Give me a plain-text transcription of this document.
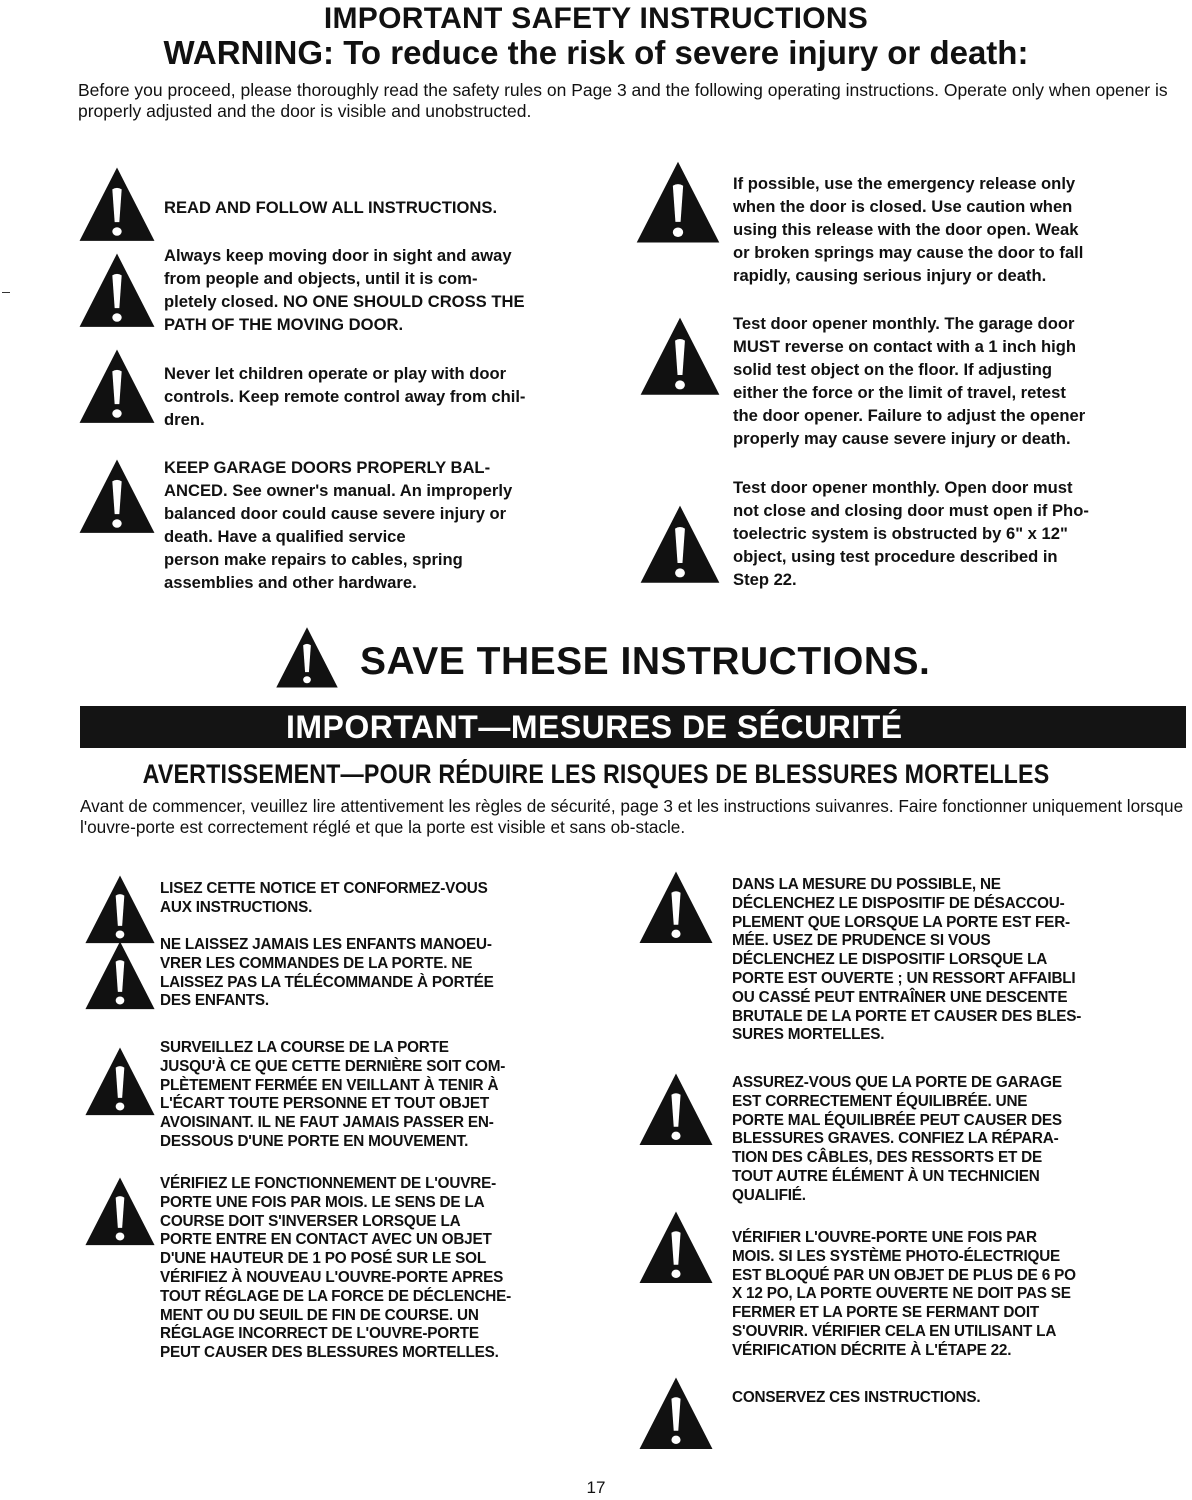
IMPORTANT SAFETY INSTRUCTIONS
WARNING: To reduce the risk of severe injury or death:
Before you proceed, please thoroughly read the safety rules on Page 3 and the following operating instructions. Operate only when opener is properly adjusted and the door is visible and unobstructed.
READ AND FOLLOW ALL INSTRUCTIONS.
Always keep moving door in sight and away
from people and objects, until it is com-
pletely closed. NO ONE SHOULD CROSS THE
PATH OF THE MOVING DOOR.
Never let children operate or play with door
controls. Keep remote control away from chil-
dren.
KEEP GARAGE DOORS PROPERLY BAL-
ANCED. See owner's manual. An improperly
balanced door could cause severe injury or
death. Have a qualified service
person make repairs to cables, spring
assemblies and other hardware.
If possible, use the emergency release only
when the door is closed. Use caution when
using this release with the door open. Weak
or broken springs may cause the door to fall
rapidly, causing serious injury or death.
Test door opener monthly. The garage door
MUST reverse on contact with a 1 inch high
solid test object on the floor. If adjusting
either the force or the limit of travel, retest
the door opener. Failure to adjust the opener
properly may cause severe injury or death.
Test door opener monthly. Open door must
not close and closing door must open if Pho-
toelectric system is obstructed by 6" x 12"
object, using test procedure described in
Step 22.
SAVE THESE INSTRUCTIONS.
IMPORTANT—MESURES DE SÉCURITÉ
AVERTISSEMENT—POUR RÉDUIRE LES RISQUES DE BLESSURES MORTELLES
Avant de commencer, veuillez lire attentivement les règles de sécurité, page 3 et les instructions suivanres. Faire fonctionner uniquement lorsque l'ouvre-porte est correctement réglé et que la porte est visible et sans ob-stacle.
LISEZ CETTE NOTICE ET CONFORMEZ-VOUS
AUX INSTRUCTIONS.
NE LAISSEZ JAMAIS LES ENFANTS MANOEU-
VRER LES COMMANDES DE LA PORTE. NE
LAISSEZ PAS LA TÉLÉCOMMANDE À PORTÉE
DES ENFANTS.
SURVEILLEZ LA COURSE DE LA PORTE
JUSQU'À CE QUE CETTE DERNIÈRE SOIT COM-
PLÈTEMENT FERMÉE EN VEILLANT À TENIR À
L'ÉCART TOUTE PERSONNE ET TOUT OBJET
AVOISINANT. IL NE FAUT JAMAIS PASSER EN-
DESSOUS D'UNE PORTE EN MOUVEMENT.
VÉRIFIEZ LE FONCTIONNEMENT DE L'OUVRE-
PORTE UNE FOIS PAR MOIS. LE SENS DE LA
COURSE DOIT S'INVERSER LORSQUE LA
PORTE ENTRE EN CONTACT AVEC UN OBJET
D'UNE HAUTEUR DE 1 PO POSÉ SUR LE SOL
VÉRIFIEZ À NOUVEAU L'OUVRE-PORTE APRES
TOUT RÉGLAGE DE LA FORCE DE DÉCLENCHE-
MENT OU DU SEUIL DE FIN DE COURSE. UN
RÉGLAGE INCORRECT DE L'OUVRE-PORTE
PEUT CAUSER DES BLESSURES MORTELLES.
DANS LA MESURE DU POSSIBLE, NE
DÉCLENCHEZ LE DISPOSITIF DE DÉSACCOU-
PLEMENT QUE LORSQUE LA PORTE EST FER-
MÉE. USEZ DE PRUDENCE SI VOUS
DÉCLENCHEZ LE DISPOSITIF LORSQUE LA
PORTE EST OUVERTE ; UN RESSORT AFFAIBLI
OU CASSÉ PEUT ENTRAÎNER UNE DESCENTE
BRUTALE DE LA PORTE ET CAUSER DES BLES-
SURES MORTELLES.
ASSUREZ-VOUS QUE LA PORTE DE GARAGE
EST CORRECTEMENT ÉQUILIBRÉE. UNE
PORTE MAL ÉQUILIBRÉE PEUT CAUSER DES
BLESSURES GRAVES. CONFIEZ LA RÉPARA-
TION DES CÂBLES, DES RESSORTS ET DE
TOUT AUTRE ÉLÉMENT À UN TECHNICIEN
QUALIFIÉ.
VÉRIFIER L'OUVRE-PORTE UNE FOIS PAR
MOIS. SI LES SYSTÈME PHOTO-ÉLECTRIQUE
EST BLOQUÉ PAR UN OBJET DE PLUS DE 6 PO
X 12 PO, LA PORTE OUVERTE NE DOIT PAS SE
FERMER ET LA PORTE SE FERMANT DOIT
S'OUVRIR. VÉRIFIER CELA EN UTILISANT LA
VÉRIFICATION DÉCRITE À L'ÉTAPE 22.
CONSERVEZ CES INSTRUCTIONS.
17
